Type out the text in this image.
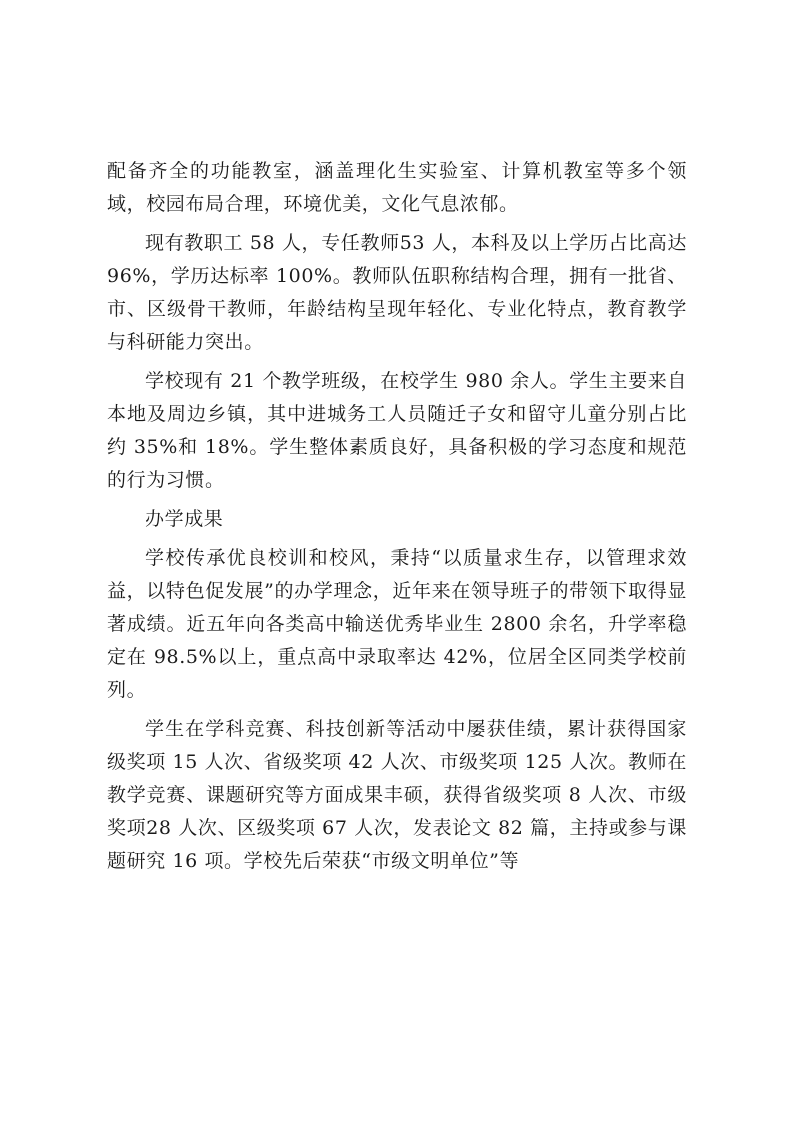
配备齐全的功能教室，涵盖理化生实验室、计算机教室等多个领域，校园布局合理，环境优美，文化气息浓郁。

现有教职工 58 人，专任教师53 人，本科及以上学历占比高达 96%，学历达标率 100%。教师队伍职称结构合理，拥有一批省、市、区级骨干教师，年龄结构呈现年轻化、专业化特点，教育教学与科研能力突出。

学校现有 21 个教学班级，在校学生 980 余人。学生主要来自本地及周边乡镇，其中进城务工人员随迁子女和留守儿童分别占比约 35%和 18%。学生整体素质良好，具备积极的学习态度和规范的行为习惯。

办学成果

学校传承优良校训和校风，秉持“以质量求生存，以管理求效益，以特色促发展”的办学理念，近年来在领导班子的带领下取得显著成绩。近五年向各类高中输送优秀毕业生 2800 余名，升学率稳定在 98.5%以上，重点高中录取率达 42%，位居全区同类学校前列。

学生在学科竞赛、科技创新等活动中屡获佳绩，累计获得国家级奖项 15 人次、省级奖项 42 人次、市级奖项 125 人次。教师在教学竞赛、课题研究等方面成果丰硕，获得省级奖项 8 人次、市级奖项28 人次、区级奖项 67 人次，发表论文 82 篇，主持或参与课题研究 16 项。学校先后荣获“市级文明单位”等
